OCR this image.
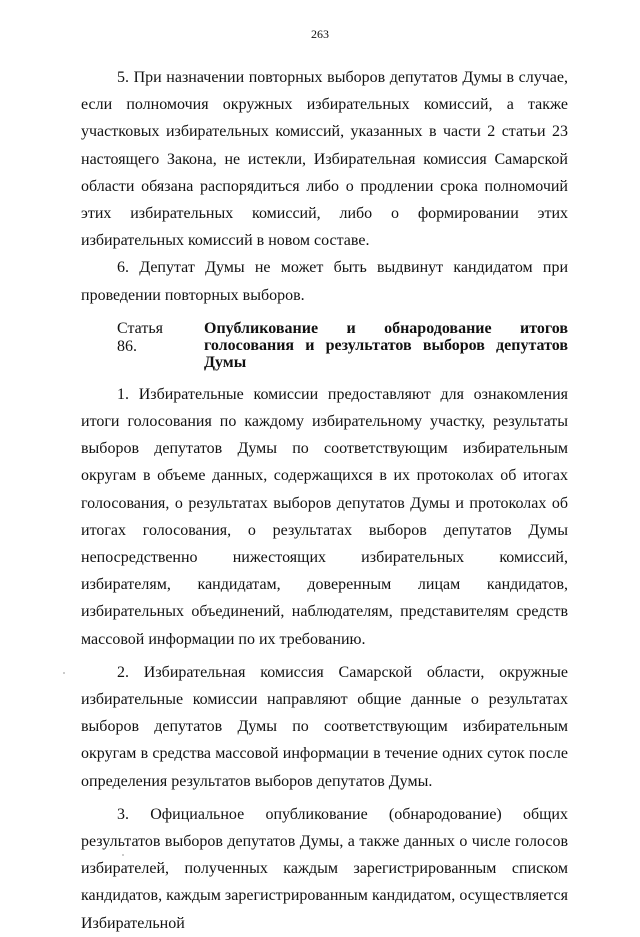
263

5. При назначении повторных выборов депутатов Думы в случае, если полномочия окружных избирательных комиссий, а также участковых избирательных комиссий, указанных в части 2 статьи 23 настоящего Закона, не истекли, Избирательная комиссия Самарской области обязана распорядиться либо о продлении срока полномочий этих избирательных комиссий, либо о формировании этих избирательных комиссий в новом составе.

6. Депутат Думы не может быть выдвинут кандидатом при проведении повторных выборов.

Статья 86.
Опубликование и обнародование итогов голосования и результатов выборов депутатов Думы

1. Избирательные комиссии предоставляют для ознакомления итоги голосования по каждому избирательному участку, результаты выборов депутатов Думы по соответствующим избирательным округам в объеме данных, содержащихся в их протоколах об итогах голосования, о результатах выборов депутатов Думы и протоколах об итогах голосования, о результатах выборов депутатов Думы непосредственно нижестоящих избирательных комиссий, избирателям, кандидатам, доверенным лицам кандидатов, избирательных объединений, наблюдателям, представителям средств массовой информации по их требованию.

2. Избирательная комиссия Самарской области, окружные избирательные комиссии направляют общие данные о результатах выборов депутатов Думы по соответствующим избирательным округам в средства массовой информации в течение одних суток после определения результатов выборов депутатов Думы.

3. Официальное опубликование (обнародование) общих результатов выборов депутатов Думы, а также данных о числе голосов избирателей, полученных каждым зарегистрированным списком кандидатов, каждым зарегистрированным кандидатом, осуществляется Избирательной
